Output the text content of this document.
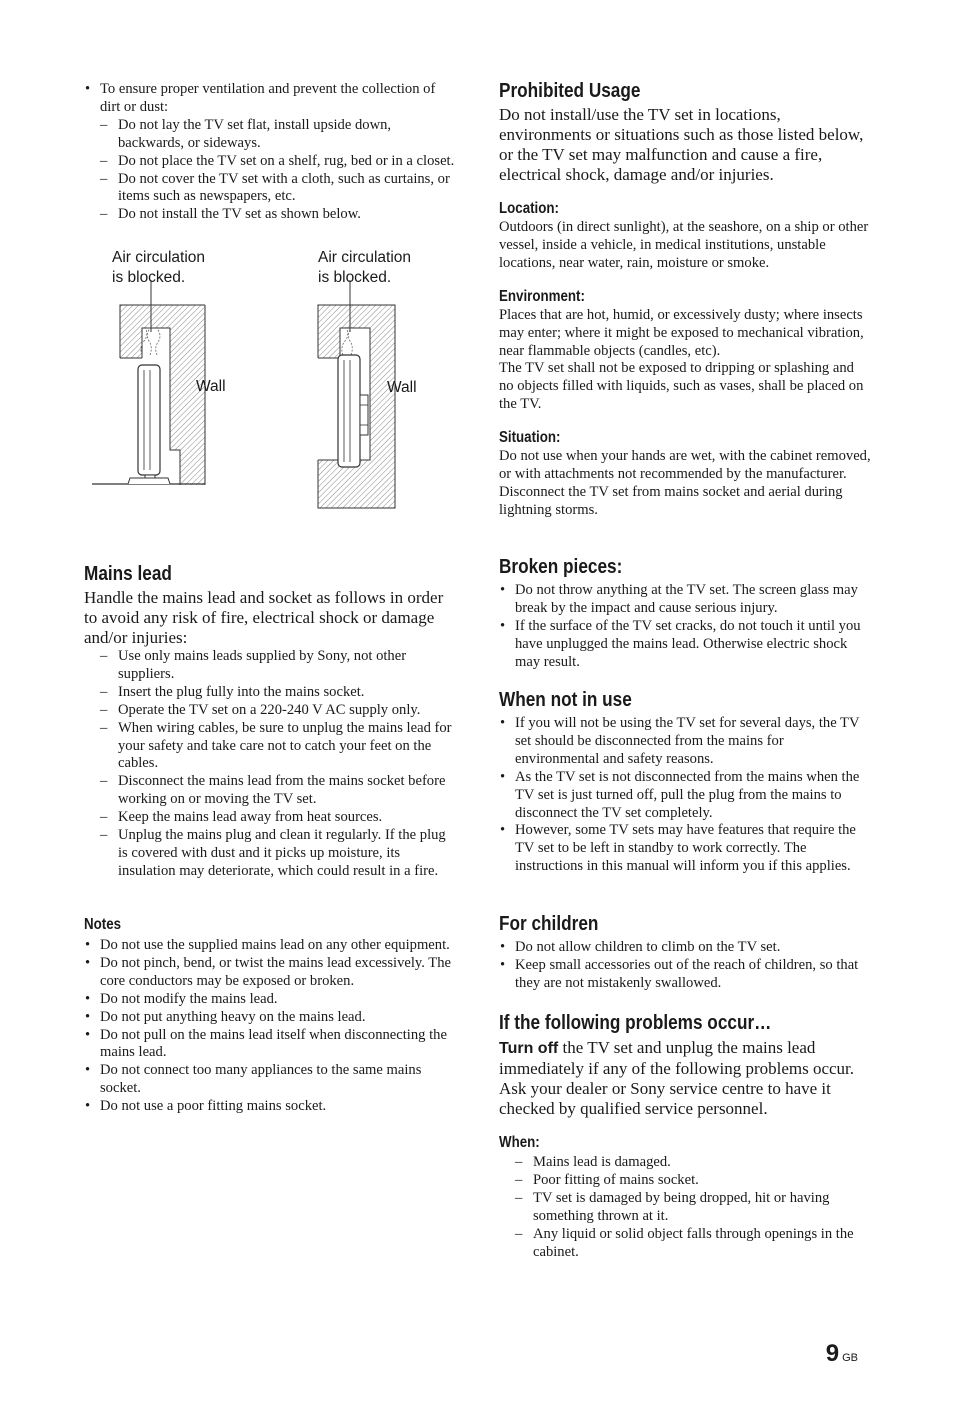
• To ensure proper ventilation and prevent the collection of dirt or dust:
– Do not lay the TV set flat, install upside down, backwards, or sideways.
– Do not place the TV set on a shelf, rug, bed or in a closet.
– Do not cover the TV set with a cloth, such as curtains, or items such as newspapers, etc.
– Do not install the TV set as shown below.
Air circulation
is blocked.
Air circulation
is blocked.
Wall	Wall
Mains lead

Handle the mains lead and socket as follows in order to avoid any risk of fire, electrical shock or damage and/or injuries:

– Use only mains leads supplied by Sony, not other suppliers.
– Insert the plug fully into the mains socket.
– Operate the TV set on a 220-240 V AC supply only.
– When wiring cables, be sure to unplug the mains lead for your safety and take care not to catch your feet on the cables.
– Disconnect the mains lead from the mains socket before working on or moving the TV set.
– Keep the mains lead away from heat sources.
– Unplug the mains plug and clean it regularly. If the plug is covered with dust and it picks up moisture, its insulation may deteriorate, which could result in a fire.
Notes
• Do not use the supplied mains lead on any other equipment.
• Do not pinch, bend, or twist the mains lead excessively. The core conductors may be exposed or broken.
• Do not modify the mains lead.
• Do not put anything heavy on the mains lead.
• Do not pull on the mains lead itself when disconnecting the mains lead.
• Do not connect too many appliances to the same mains socket.
• Do not use a poor fitting mains socket.
Prohibited Usage

Do not install/use the TV set in locations, environments or situations such as those listed below, or the TV set may malfunction and cause a fire, electrical shock, damage and/or injuries.

Location:

Outdoors (in direct sunlight), at the seashore, on a ship or other vessel, inside a vehicle, in medical institutions, unstable locations, near water, rain, moisture or smoke.

Environment:

Places that are hot, humid, or excessively dusty; where insects may enter; where it might be exposed to mechanical vibration, near flammable objects (candles, etc).

The TV set shall not be exposed to dripping or splashing and no objects filled with liquids, such as vases, shall be placed on the TV.

Situation:

Do not use when your hands are wet, with the cabinet removed, or with attachments not recommended by the manufacturer. Disconnect the TV set from mains socket and aerial during lightning storms.

Broken pieces:
• Do not throw anything at the TV set. The screen glass may break by the impact and cause serious injury.
• If the surface of the TV set cracks, do not touch it until you have unplugged the mains lead. Otherwise electric shock may result.
When not in use
• If you will not be using the TV set for several days, the TV set should be disconnected from the mains for environmental and safety reasons.
• As the TV set is not disconnected from the mains when the TV set is just turned off, pull the plug from the mains to disconnect the TV set completely.
• However, some TV sets may have features that require the TV set to be left in standby to work correctly. The instructions in this manual will inform you if this applies.
For children
• Do not allow children to climb on the TV set.
• Keep small accessories out of the reach of children, so that they are not mistakenly swallowed.
If the following problems occur…

Turn off the TV set and unplug the mains lead immediately if any of the following problems occur. Ask your dealer or Sony service centre to have it checked by qualified service personnel.

When:
– Mains lead is damaged.
– Poor fitting of mains socket.
– TV set is damaged by being dropped, hit or having something thrown at it.
– Any liquid or solid object falls through openings in the cabinet.
9 GB
